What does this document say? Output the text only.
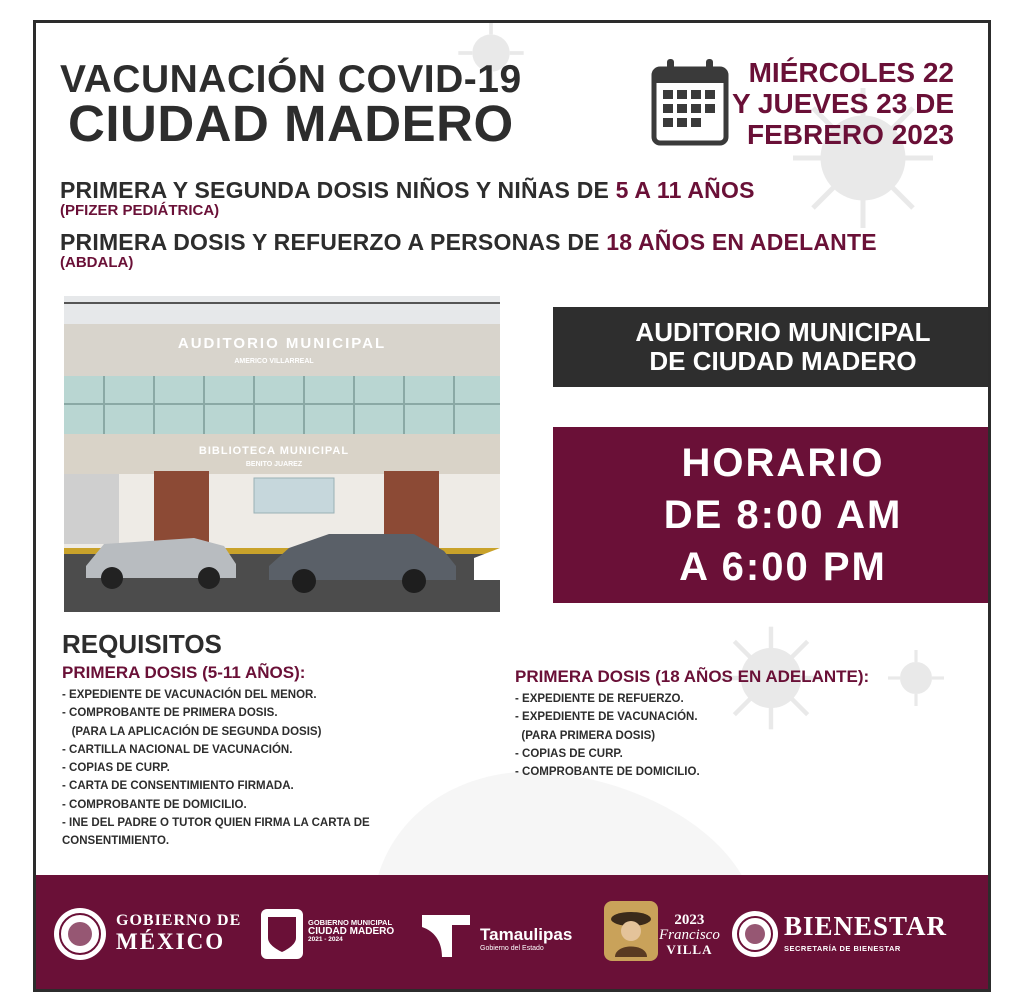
VACUNACIÓN COVID-19
CIUDAD MADERO
MIÉRCOLES 22
Y JUEVES 23 DE
FEBRERO 2023
PRIMERA Y SEGUNDA DOSIS NIÑOS Y NIÑAS DE 5 A 11 AÑOS
(PFIZER PEDIÁTRICA)
PRIMERA DOSIS Y REFUERZO A PERSONAS DE 18 AÑOS EN ADELANTE
(ABDALA)
AUDITORIO MUNICIPAL
AMERICO VILLARREAL
BIBLIOTECA MUNICIPAL
BENITO JUAREZ
AUDITORIO MUNICIPAL
DE CIUDAD MADERO
HORARIO
DE 8:00 AM
A 6:00 PM
REQUISITOS
PRIMERA DOSIS (5-11 AÑOS):
- EXPEDIENTE DE VACUNACIÓN DEL MENOR.
- COMPROBANTE DE PRIMERA DOSIS.
(PARA LA APLICACIÓN DE SEGUNDA DOSIS)
- CARTILLA NACIONAL DE VACUNACIÓN.
- COPIAS DE CURP.
- CARTA DE CONSENTIMIENTO FIRMADA.
- COMPROBANTE DE DOMICILIO.
- INE DEL PADRE O TUTOR QUIEN FIRMA LA CARTA DE
CONSENTIMIENTO.
PRIMERA DOSIS (18 AÑOS EN ADELANTE):
- EXPEDIENTE DE REFUERZO.
- EXPEDIENTE DE VACUNACIÓN.
(PARA PRIMERA DOSIS)
- COPIAS DE CURP.
- COMPROBANTE DE DOMICILIO.
GOBIERNO DE
MÉXICO
GOBIERNO MUNICIPAL
CIUDAD MADERO
2021 - 2024	Tamaulipas
Gobierno del Estado
2023
Francisco
VILLA
BIENESTAR
SECRETARÍA DE BIENESTAR
